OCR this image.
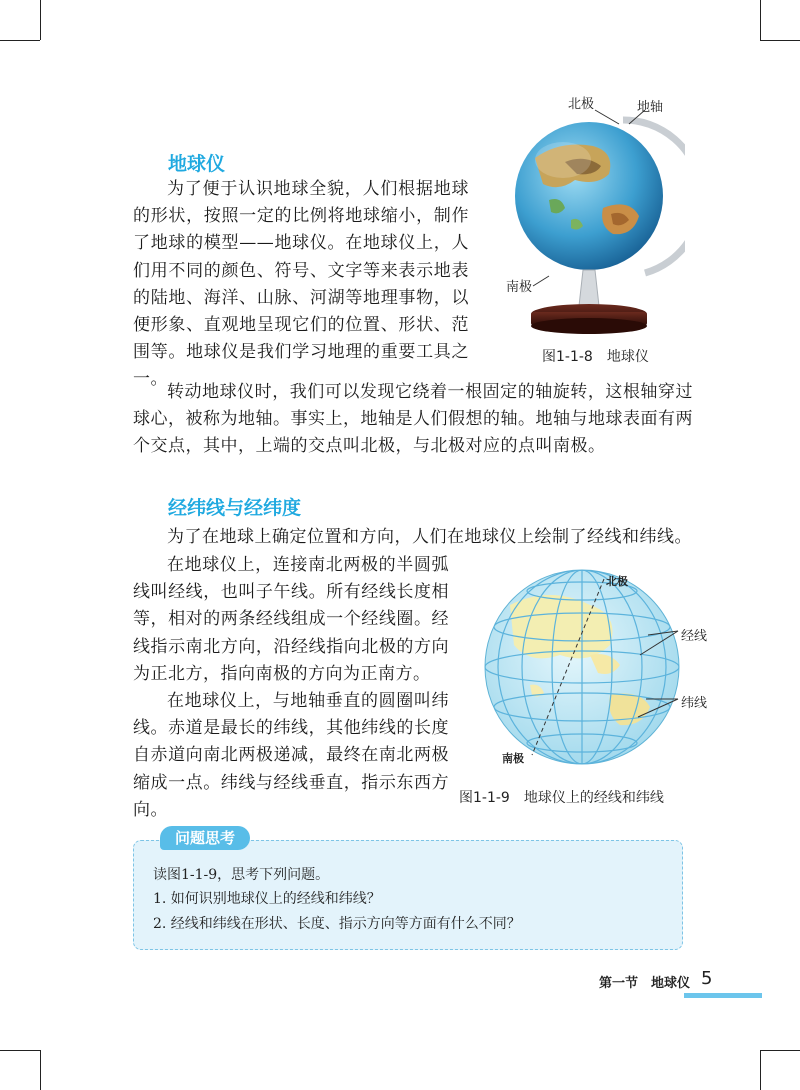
地球仪

为了便于认识地球全貌，人们根据地球的形状，按照一定的比例将地球缩小，制作了地球的模型——地球仪。在地球仪上，人们用不同的颜色、符号、文字等来表示地表的陆地、海洋、山脉、河湖等地理事物，以便形象、直观地呈现它们的位置、形状、范围等。地球仪是我们学习地理的重要工具之一。

转动地球仪时，我们可以发现它绕着一根固定的轴旋转，这根轴穿过球心，被称为地轴。事实上，地轴是人们假想的轴。地轴与地球表面有两个交点，其中，上端的交点叫北极，与北极对应的点叫南极。

北极	地轴
南极
图1-1-8　地球仪
经纬线与经纬度

为了在地球上确定位置和方向，人们在地球仪上绘制了经线和纬线。

在地球仪上，连接南北两极的半圆弧线叫经线，也叫子午线。所有经线长度相等，相对的两条经线组成一个经线圈。经线指示南北方向，沿经线指向北极的方向为正北方，指向南极的方向为正南方。

在地球仪上，与地轴垂直的圆圈叫纬线。赤道是最长的纬线，其他纬线的长度自赤道向南北两极递减，最终在南北两极缩成一点。纬线与经线垂直，指示东西方向。

北极
经线
纬线
南极
图1-1-9　地球仪上的经线和纬线
问题思考
读图1-1-9，思考下列问题。
1. 如何识别地球仪上的经线和纬线？
2. 经线和纬线在形状、长度、指示方向等方面有什么不同？
第一节　地球仪 5
